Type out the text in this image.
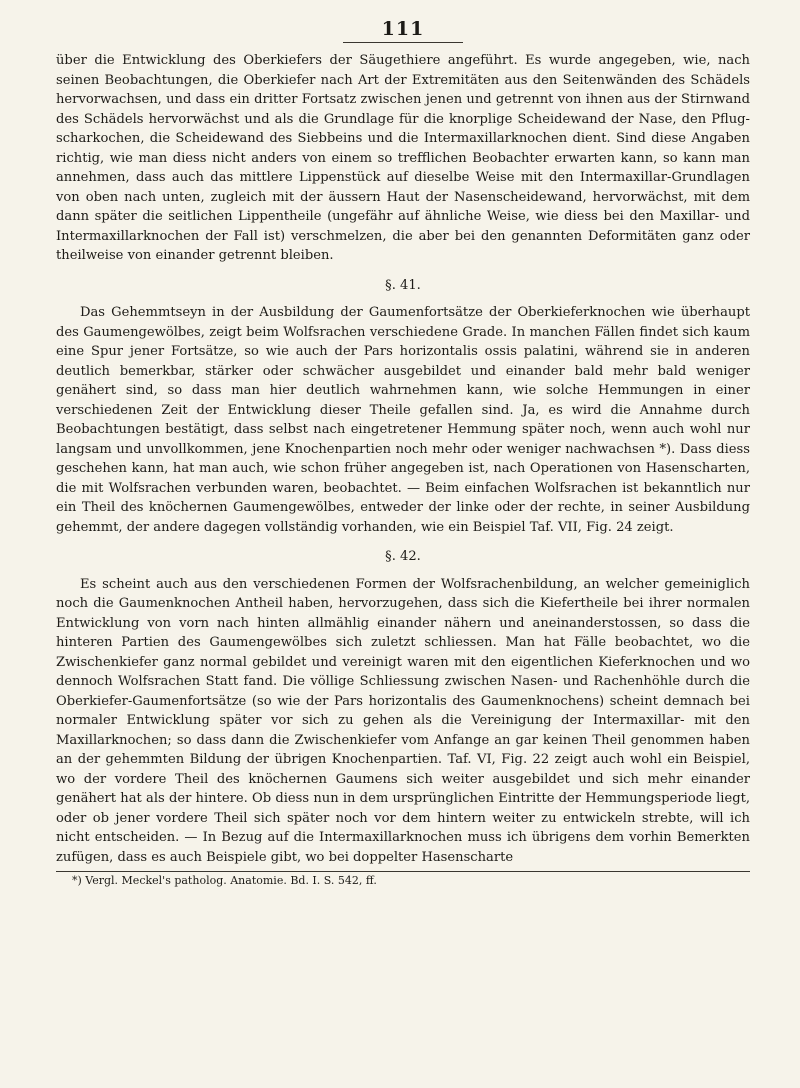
111

über die Entwicklung des Oberkiefers der Säugethiere angeführt. Es wurde angegeben, wie, nach seinen Beobachtungen, die Oberkiefer nach Art der Extremitäten aus den Seitenwänden des Schädels hervorwachsen, und dass ein dritter Fortsatz zwischen jenen und getrennt von ihnen aus der Stirnwand des Schädels hervorwächst und als die Grundlage für die knorplige Scheidewand der Nase, den Pflug-scharkochen, die Scheidewand des Siebbeins und die Intermaxillarknochen dient. Sind diese Angaben richtig, wie man diess nicht anders von einem so trefflichen Beobachter erwarten kann, so kann man annehmen, dass auch das mittlere Lippenstück auf dieselbe Weise mit den Intermaxillar-Grundlagen von oben nach unten, zugleich mit der äussern Haut der Nasenscheidewand, hervorwächst, mit dem dann später die seitlichen Lippentheile (ungefähr auf ähnliche Weise, wie diess bei den Maxillar- und Intermaxillarknochen der Fall ist) verschmelzen, die aber bei den genannten Deformitäten ganz oder theilweise von einander getrennt bleiben.

§. 41.

Das Gehemmtseyn in der Ausbildung der Gaumenfortsätze der Oberkieferknochen wie überhaupt des Gaumengewölbes, zeigt beim Wolfsrachen verschiedene Grade. In manchen Fällen findet sich kaum eine Spur jener Fortsätze, so wie auch der Pars horizontalis ossis palatini, während sie in anderen deutlich bemerkbar, stärker oder schwächer ausgebildet und einander bald mehr bald weniger genähert sind, so dass man hier deutlich wahrnehmen kann, wie solche Hemmungen in einer verschiedenen Zeit der Entwicklung dieser Theile gefallen sind. Ja, es wird die Annahme durch Beobachtungen bestätigt, dass selbst nach eingetretener Hemmung später noch, wenn auch wohl nur langsam und unvollkommen, jene Knochenpartien noch mehr oder weniger nachwachsen *). Dass diess geschehen kann, hat man auch, wie schon früher angegeben ist, nach Operationen von Hasenscharten, die mit Wolfsrachen verbunden waren, beobachtet. — Beim einfachen Wolfsrachen ist bekanntlich nur ein Theil des knöchernen Gaumengewölbes, entweder der linke oder der rechte, in seiner Ausbildung gehemmt, der andere dagegen vollständig vorhanden, wie ein Beispiel Taf. VII, Fig. 24 zeigt.

§. 42.

Es scheint auch aus den verschiedenen Formen der Wolfsrachenbildung, an welcher gemeiniglich noch die Gaumenknochen Antheil haben, hervorzugehen, dass sich die Kiefertheile bei ihrer normalen Entwicklung von vorn nach hinten allmählig einander nähern und aneinanderstossen, so dass die hinteren Partien des Gaumengewölbes sich zuletzt schliessen. Man hat Fälle beobachtet, wo die Zwischenkiefer ganz normal gebildet und vereinigt waren mit den eigentlichen Kieferknochen und wo dennoch Wolfsrachen Statt fand. Die völlige Schliessung zwischen Nasen- und Rachenhöhle durch die Oberkiefer-Gaumenfortsätze (so wie der Pars horizontalis des Gaumenknochens) scheint demnach bei normaler Entwicklung später vor sich zu gehen als die Vereinigung der Intermaxillar- mit den Maxillarknochen; so dass dann die Zwischenkiefer vom Anfange an gar keinen Theil genommen haben an der gehemmten Bildung der übrigen Knochenpartien. Taf. VI, Fig. 22 zeigt auch wohl ein Beispiel, wo der vordere Theil des knöchernen Gaumens sich weiter ausgebildet und sich mehr einander genähert hat als der hintere. Ob diess nun in dem ursprünglichen Eintritte der Hemmungsperiode liegt, oder ob jener vordere Theil sich später noch vor dem hintern weiter zu entwickeln strebte, will ich nicht entscheiden. — In Bezug auf die Intermaxillarknochen muss ich übrigens dem vorhin Bemerkten zufügen, dass es auch Beispiele gibt, wo bei doppelter Hasenscharte

*) Vergl. Meckel's patholog. Anatomie. Bd. I. S. 542, ff.
